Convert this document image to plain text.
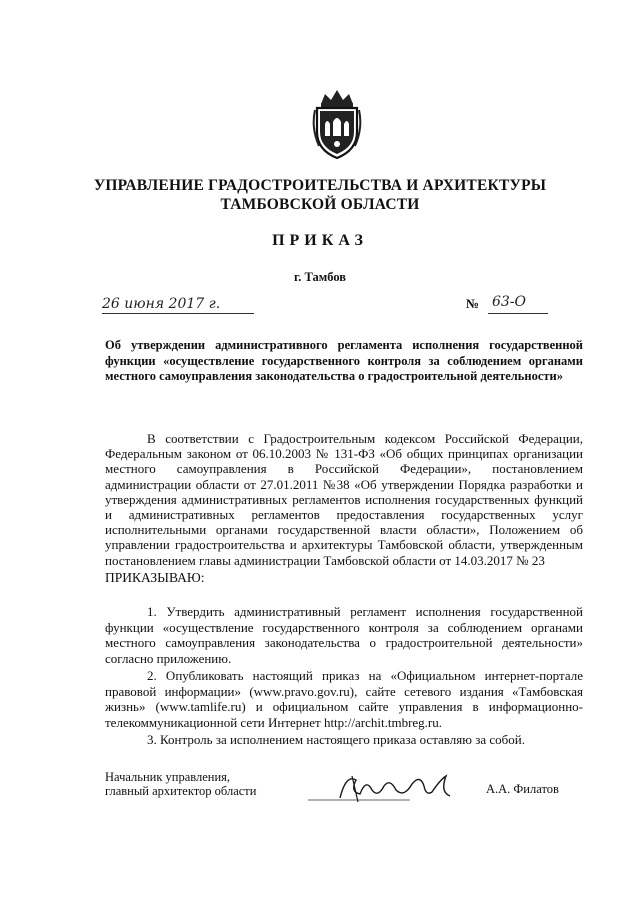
УПРАВЛЕНИЕ ГРАДОСТРОИТЕЛЬСТВА И АРХИТЕКТУРЫ
ТАМБОВСКОЙ ОБЛАСТИ
ПРИКАЗ
г. Тамбов
26 июня 2017 г.	№ 63-О
Об утверждении административного регламента исполнения государственной функции «осуществление государственного контроля за соблюдением органами местного самоуправления законодательства о градостроительной деятельности»
В соответствии с Градостроительным кодексом Российской Федерации, Федеральным законом от 06.10.2003 № 131-ФЗ «Об общих принципах организации местного самоуправления в Российской Федерации», постановлением администрации области от 27.01.2011 №38 «Об утверждении Порядка разработки и утверждения административных регламентов исполнения государственных функций и административных регламентов предоставления государственных услуг исполнительными органами государственной власти области», Положением об управлении градостроительства и архитектуры Тамбовской области, утвержденным постановлением главы администрации Тамбовской области от 14.03.2017 № 23
ПРИКАЗЫВАЮ:
1. Утвердить административный регламент исполнения государственной функции «осуществление государственного контроля за соблюдением органами местного самоуправления законодательства о градостроительной деятельности» согласно приложению.
2. Опубликовать настоящий приказ на «Официальном интернет-портале правовой информации» (www.pravo.gov.ru), сайте сетевого издания «Тамбовская жизнь» (www.tamlife.ru) и официальном сайте управления в информационно-телекоммуникационной сети Интернет http://archit.tmbreg.ru.
3. Контроль за исполнением настоящего приказа оставляю за собой.
Начальник управления,
главный архитектор области	А.А. Филатов
